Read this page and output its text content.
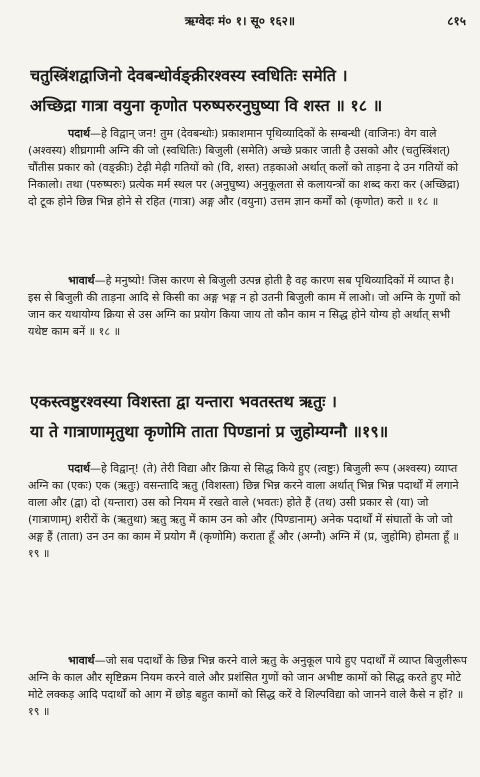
ऋग्वेदः मं० १। सू० १६२॥	८१५
चतुस्त्रिंशद्वाजिनो देवबन्धोर्वङ्क्रीरश्वस्य स्वधितिः समेति ।
अच्छिद्रा गात्रा वयुना कृणोत परुष्परुरनुघुष्या वि शस्त ॥ १८ ॥

पदार्थ—हे विद्वान् जन! तुम (देवबन्धोः) प्रकाशमान पृथिव्यादिकों के सम्बन्धी (वाजिनः) वेग वाले (अश्वस्य) शीघ्रगामी अग्नि की जो (स्वधितिः) बिजुली (समेति) अच्छे प्रकार जाती है उसको और (चतुस्त्रिंशत्) चौंतीस प्रकार को (वङ्क्रीः) टेढ़ी मेढ़ी गतियों को (वि, शस्त) तड़काओ अर्थात् कलों को ताड़ना दे उन गतियों को निकालो। तथा (परुष्परुः) प्रत्येक मर्म स्थल पर (अनुघुष्य) अनुकूलता से कलायन्त्रों का शब्द करा कर (अच्छिद्रा) दो टूक होने छिन्न भिन्न होने से रहित (गात्रा) अङ्ग और (वयुना) उत्तम ज्ञान कर्मों को (कृणोत) करो ॥ १८ ॥

भावार्थ—हे मनुष्यो! जिस कारण से बिजुली उत्पन्न होती है वह कारण सब पृथिव्यादिकों में व्याप्त है। इस से बिजुली की ताड़ना आदि से किसी का अङ्ग भङ्ग न हो उतनी बिजुली काम में लाओ। जो अग्नि के गुणों को जान कर यथायोग्य क्रिया से उस अग्नि का प्रयोग किया जाय तो कौन काम न सिद्ध होने योग्य हो अर्थात् सभी यथेष्ट काम बनें ॥ १८ ॥

एकस्त्वष्टुरश्वस्या विशस्ता द्वा यन्तारा भवतस्तथ ऋतुः ।
या ते गात्राणामृतुथा कृणोमि ताता पिण्डानां प्र जुहोम्यग्नौ ॥१९॥

पदार्थ—हे विद्वान्! (ते) तेरी विद्या और क्रिया से सिद्ध किये हुए (त्वष्टुः) बिजुली रूप (अश्वस्य) व्याप्त अग्नि का (एकः) एक (ऋतुः) वसन्तादि ऋतु (विशस्ता) छिन्न भिन्न करने वाला अर्थात् भिन्न भिन्न पदार्थों में लगाने वाला और (द्वा) दो (यन्तारा) उस को नियम में रखते वाले (भवतः) होते हैं (तथ) उसी प्रकार से (या) जो (गात्राणाम्) शरीरों के (ऋतुथा) ऋतु ऋतु में काम उन को और (पिण्डानाम्) अनेक पदार्थों में संघातों के जो जो अङ्ग हैं (ताता) उन उन का काम में प्रयोग मैं (कृणोमि) कराता हूँ और (अग्नौ) अग्नि में (प्र, जुहोमि) होमता हूँ ॥ १९ ॥

भावार्थ—जो सब पदार्थों के छिन्न भिन्न करने वाले ऋतु के अनुकूल पाये हुए पदार्थों में व्याप्त बिजुलीरूप अग्नि के काल और सृष्टिक्रम नियम करने वाले और प्रशंसित गुणों को जान अभीष्ट कामों को सिद्ध करते हुए मोटे मोटे लक्कड़ आदि पदार्थों को आग में छोड़ बहुत कामों को सिद्ध करें वे शिल्पविद्या को जानने वाले कैसे न हों? ॥ १९ ॥
